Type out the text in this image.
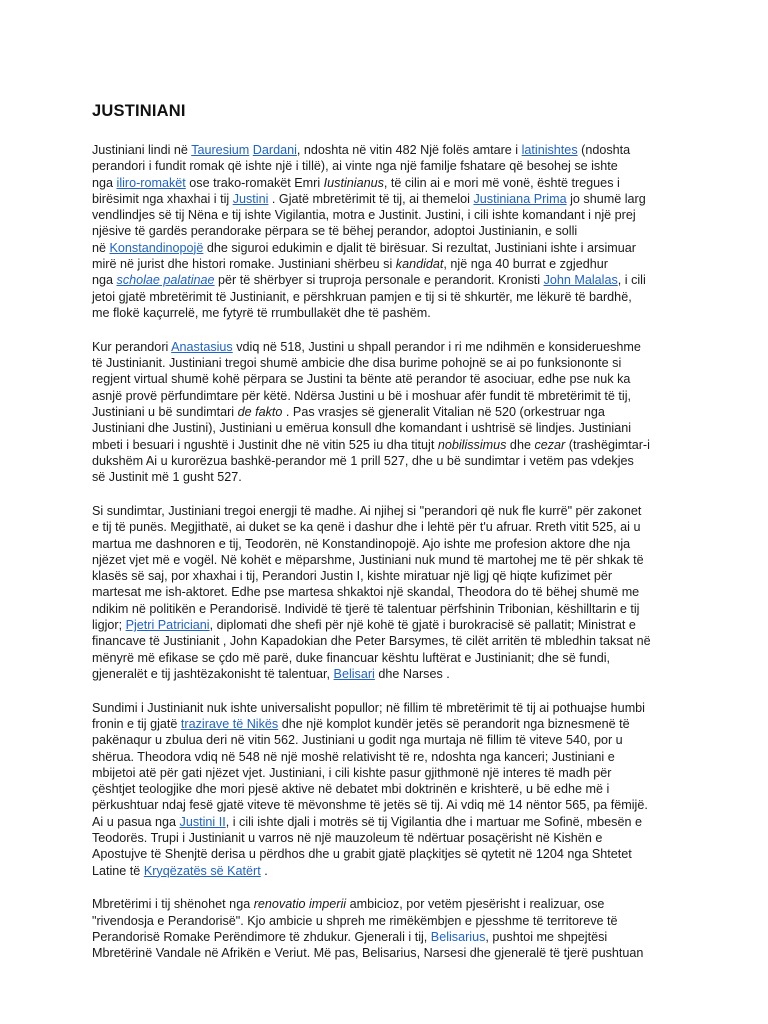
JUSTINIANI

Justiniani lindi në Tauresium Dardani, ndoshta në vitin 482 Një folës amtare i latinishtes (ndoshta
perandori i fundit romak që ishte një i tillë), ai vinte nga një familje fshatare që besohej se ishte
nga iliro-romakët ose trako-romakët Emri Iustinianus, të cilin ai e mori më vonë, është tregues i
birësimit nga xhaxhai i tij Justini . Gjatë mbretërimit të tij, ai themeloi Justiniana Prima jo shumë larg
vendlindjes së tij Nëna e tij ishte Vigilantia, motra e Justinit. Justini, i cili ishte komandant i një prej
njësive të gardës perandorake përpara se të bëhej perandor, adoptoi Justinianin, e solli
në Konstandinopojë dhe siguroi edukimin e djalit të birësuar. Si rezultat, Justiniani ishte i arsimuar
mirë në jurist dhe histori romake. Justiniani shërbeu si kandidat, një nga 40 burrat e zgjedhur
nga scholae palatinae për të shërbyer si truproja personale e perandorit. Kronisti John Malalas, i cili
jetoi gjatë mbretërimit të Justinianit, e përshkruan pamjen e tij si të shkurtër, me lëkurë të bardhë,
me flokë kaçurrelë, me fytyrë të rrumbullakët dhe të pashëm.

Kur perandori Anastasius vdiq në 518, Justini u shpall perandor i ri me ndihmën e konsiderueshme
të Justinianit. Justiniani tregoi shumë ambicie dhe disa burime pohojnë se ai po funksiononte si
regjent virtual shumë kohë përpara se Justini ta bënte atë perandor të asociuar, edhe pse nuk ka
asnjë provë përfundimtare për këtë. Ndërsa Justini u bë i moshuar afër fundit të mbretërimit të tij,
Justiniani u bë sundimtari de fakto . Pas vrasjes së gjeneralit Vitalian në 520 (orkestruar nga
Justiniani dhe Justini), Justiniani u emërua konsull dhe komandant i ushtrisë së lindjes. Justiniani
mbeti i besuari i ngushtë i Justinit dhe në vitin 525 iu dha titujt nobilissimus dhe cezar (trashëgimtar-i
dukshëm Ai u kurorëzua bashkë-perandor më 1 prill 527, dhe u bë sundimtar i vetëm pas vdekjes
së Justinit më 1 gusht 527.

Si sundimtar, Justiniani tregoi energji të madhe. Ai njihej si "perandori që nuk fle kurrë" për zakonet
e tij të punës. Megjithatë, ai duket se ka qenë i dashur dhe i lehtë për t'u afruar. Rreth vitit 525, ai u
martua me dashnoren e tij, Teodorën, në Konstandinopojë. Ajo ishte me profesion aktore dhe nja
njëzet vjet më e vogël. Në kohët e mëparshme, Justiniani nuk mund të martohej me të për shkak të
klasës së saj, por xhaxhai i tij, Perandori Justin I, kishte miratuar një ligj që hiqte kufizimet për
martesat me ish-aktoret. Edhe pse martesa shkaktoi një skandal, Theodora do të bëhej shumë me
ndikim në politikën e Perandorisë. Individë të tjerë të talentuar përfshinin Tribonian, këshilltarin e tij
ligjor; Pjetri Patriciani, diplomati dhe shefi për një kohë të gjatë i burokracisë së pallatit; Ministrat e
financave të Justinianit , John Kapadokian dhe Peter Barsymes, të cilët arritën të mbledhin taksat në
mënyrë më efikase se çdo më parë, duke financuar kështu luftërat e Justinianit; dhe së fundi,
gjeneralët e tij jashtëzakonisht të talentuar, Belisari dhe Narses .

Sundimi i Justinianit nuk ishte universalisht popullor; në fillim të mbretërimit të tij ai pothuajse humbi
fronin e tij gjatë trazirave të Nikës dhe një komplot kundër jetës së perandorit nga biznesmenë të
pakënaqur u zbulua deri në vitin 562. Justiniani u godit nga murtaja në fillim të viteve 540, por u
shërua. Theodora vdiq në 548 në një moshë relativisht të re, ndoshta nga kanceri; Justiniani e
mbijetoi atë për gati njëzet vjet. Justiniani, i cili kishte pasur gjithmonë një interes të madh për
çështjet teologjike dhe mori pjesë aktive në debatet mbi doktrinën e krishterë, u bë edhe më i
përkushtuar ndaj fesë gjatë viteve të mëvonshme të jetës së tij. Ai vdiq më 14 nëntor 565, pa fëmijë.
Ai u pasua nga Justini II, i cili ishte djali i motrës së tij Vigilantia dhe i martuar me Sofinë, mbesën e
Teodorës. Trupi i Justinianit u varros në një mauzoleum të ndërtuar posaçërisht në Kishën e
Apostujve të Shenjtë derisa u përdhos dhe u grabit gjatë plaçkitjes së qytetit në 1204 nga Shtetet
Latine të Kryqëzatës së Katërt .

Mbretërimi i tij shënohet nga renovatio imperii ambicioz, por vetëm pjesërisht i realizuar, ose
"rivendosja e Perandorisë". Kjo ambicie u shpreh me rimëkëmbjen e pjesshme të territoreve të
Perandorisë Romake Perëndimore të zhdukur. Gjenerali i tij, Belisarius, pushtoi me shpejtësi
Mbretërinë Vandale në Afrikën e Veriut. Më pas, Belisarius, Narsesi dhe gjeneralë të tjerë pushtuan
